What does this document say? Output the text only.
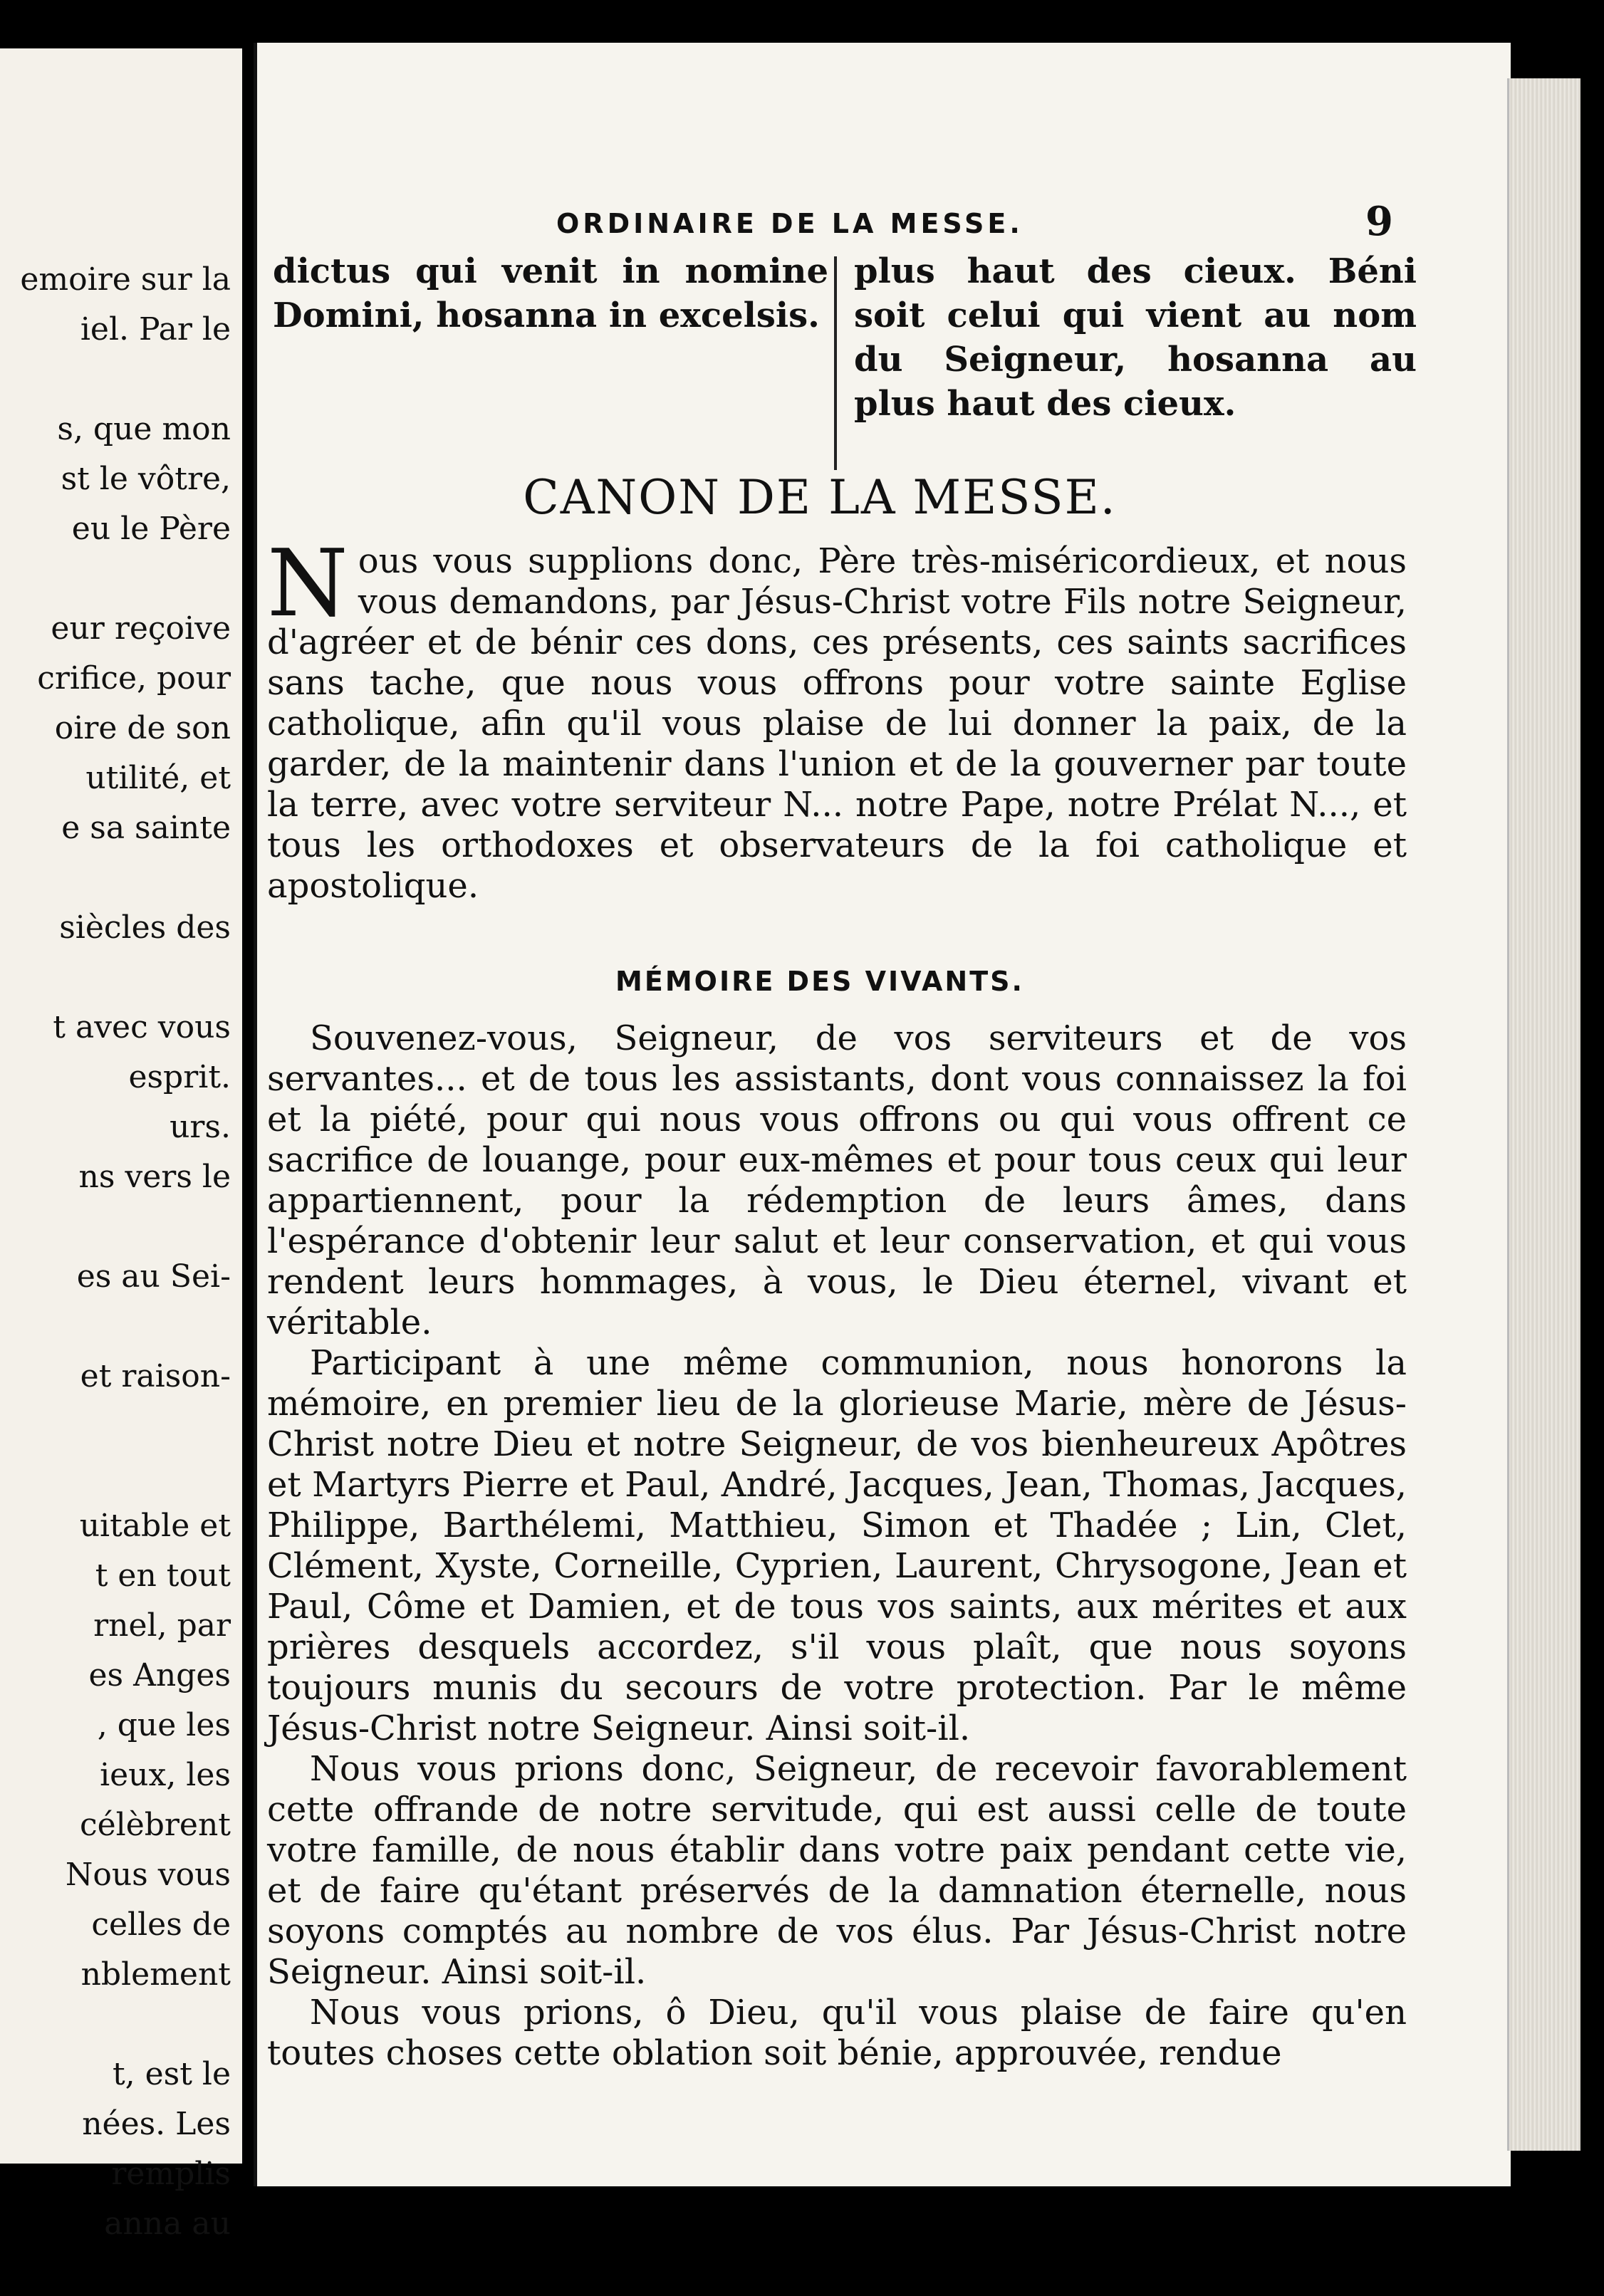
emoire sur la
iel. Par le
s, que mon
st le vôtre,
eu le Père
eur reçoive
crifice, pour
oire de son
utilité, et
e sa sainte
siècles des
t avec vous
esprit.
urs.
ns vers le
es au Sei-
et raison-
uitable et
t en tout
rnel, par
es Anges
, que les
ieux, les
célèbrent
Nous vous
celles de
nblement
t, est le
nées. Les
remplis
anna au
ORDINAIRE DE LA MESSE.	9
dictus qui venit in nomine Domini, hosanna in excelsis.
plus haut des cieux. Béni soit celui qui vient au nom du Seigneur, hosanna au plus haut des cieux.
CANON DE LA MESSE.

Nous vous supplions donc, Père très-miséricordieux, et nous vous demandons, par Jésus-Christ votre Fils notre Seigneur, d'agréer et de bénir ces dons, ces présents, ces saints sacrifices sans tache, que nous vous offrons pour votre sainte Eglise catholique, afin qu'il vous plaise de lui donner la paix, de la garder, de la maintenir dans l'union et de la gouverner par toute la terre, avec votre serviteur N... notre Pape, notre Prélat N..., et tous les orthodoxes et observateurs de la foi catholique et apostolique.

MÉMOIRE DES VIVANTS.

Souvenez-vous, Seigneur, de vos serviteurs et de vos servantes... et de tous les assistants, dont vous connaissez la foi et la piété, pour qui nous vous offrons ou qui vous offrent ce sacrifice de louange, pour eux-mêmes et pour tous ceux qui leur appartiennent, pour la rédemption de leurs âmes, dans l'espérance d'obtenir leur salut et leur conservation, et qui vous rendent leurs hommages, à vous, le Dieu éternel, vivant et véritable.

Participant à une même communion, nous honorons la mémoire, en premier lieu de la glorieuse Marie, mère de Jésus-Christ notre Dieu et notre Seigneur, de vos bienheureux Apôtres et Martyrs Pierre et Paul, André, Jacques, Jean, Thomas, Jacques, Philippe, Barthélemi, Matthieu, Simon et Thadée ; Lin, Clet, Clément, Xyste, Corneille, Cyprien, Laurent, Chrysogone, Jean et Paul, Côme et Damien, et de tous vos saints, aux mérites et aux prières desquels accordez, s'il vous plaît, que nous soyons toujours munis du secours de votre protection. Par le même Jésus-Christ notre Seigneur. Ainsi soit-il.

Nous vous prions donc, Seigneur, de recevoir favorablement cette offrande de notre servitude, qui est aussi celle de toute votre famille, de nous établir dans votre paix pendant cette vie, et de faire qu'étant préservés de la damnation éternelle, nous soyons comptés au nombre de vos élus. Par Jésus-Christ notre Seigneur. Ainsi soit-il.

Nous vous prions, ô Dieu, qu'il vous plaise de faire qu'en toutes choses cette oblation soit bénie, approuvée, rendue
